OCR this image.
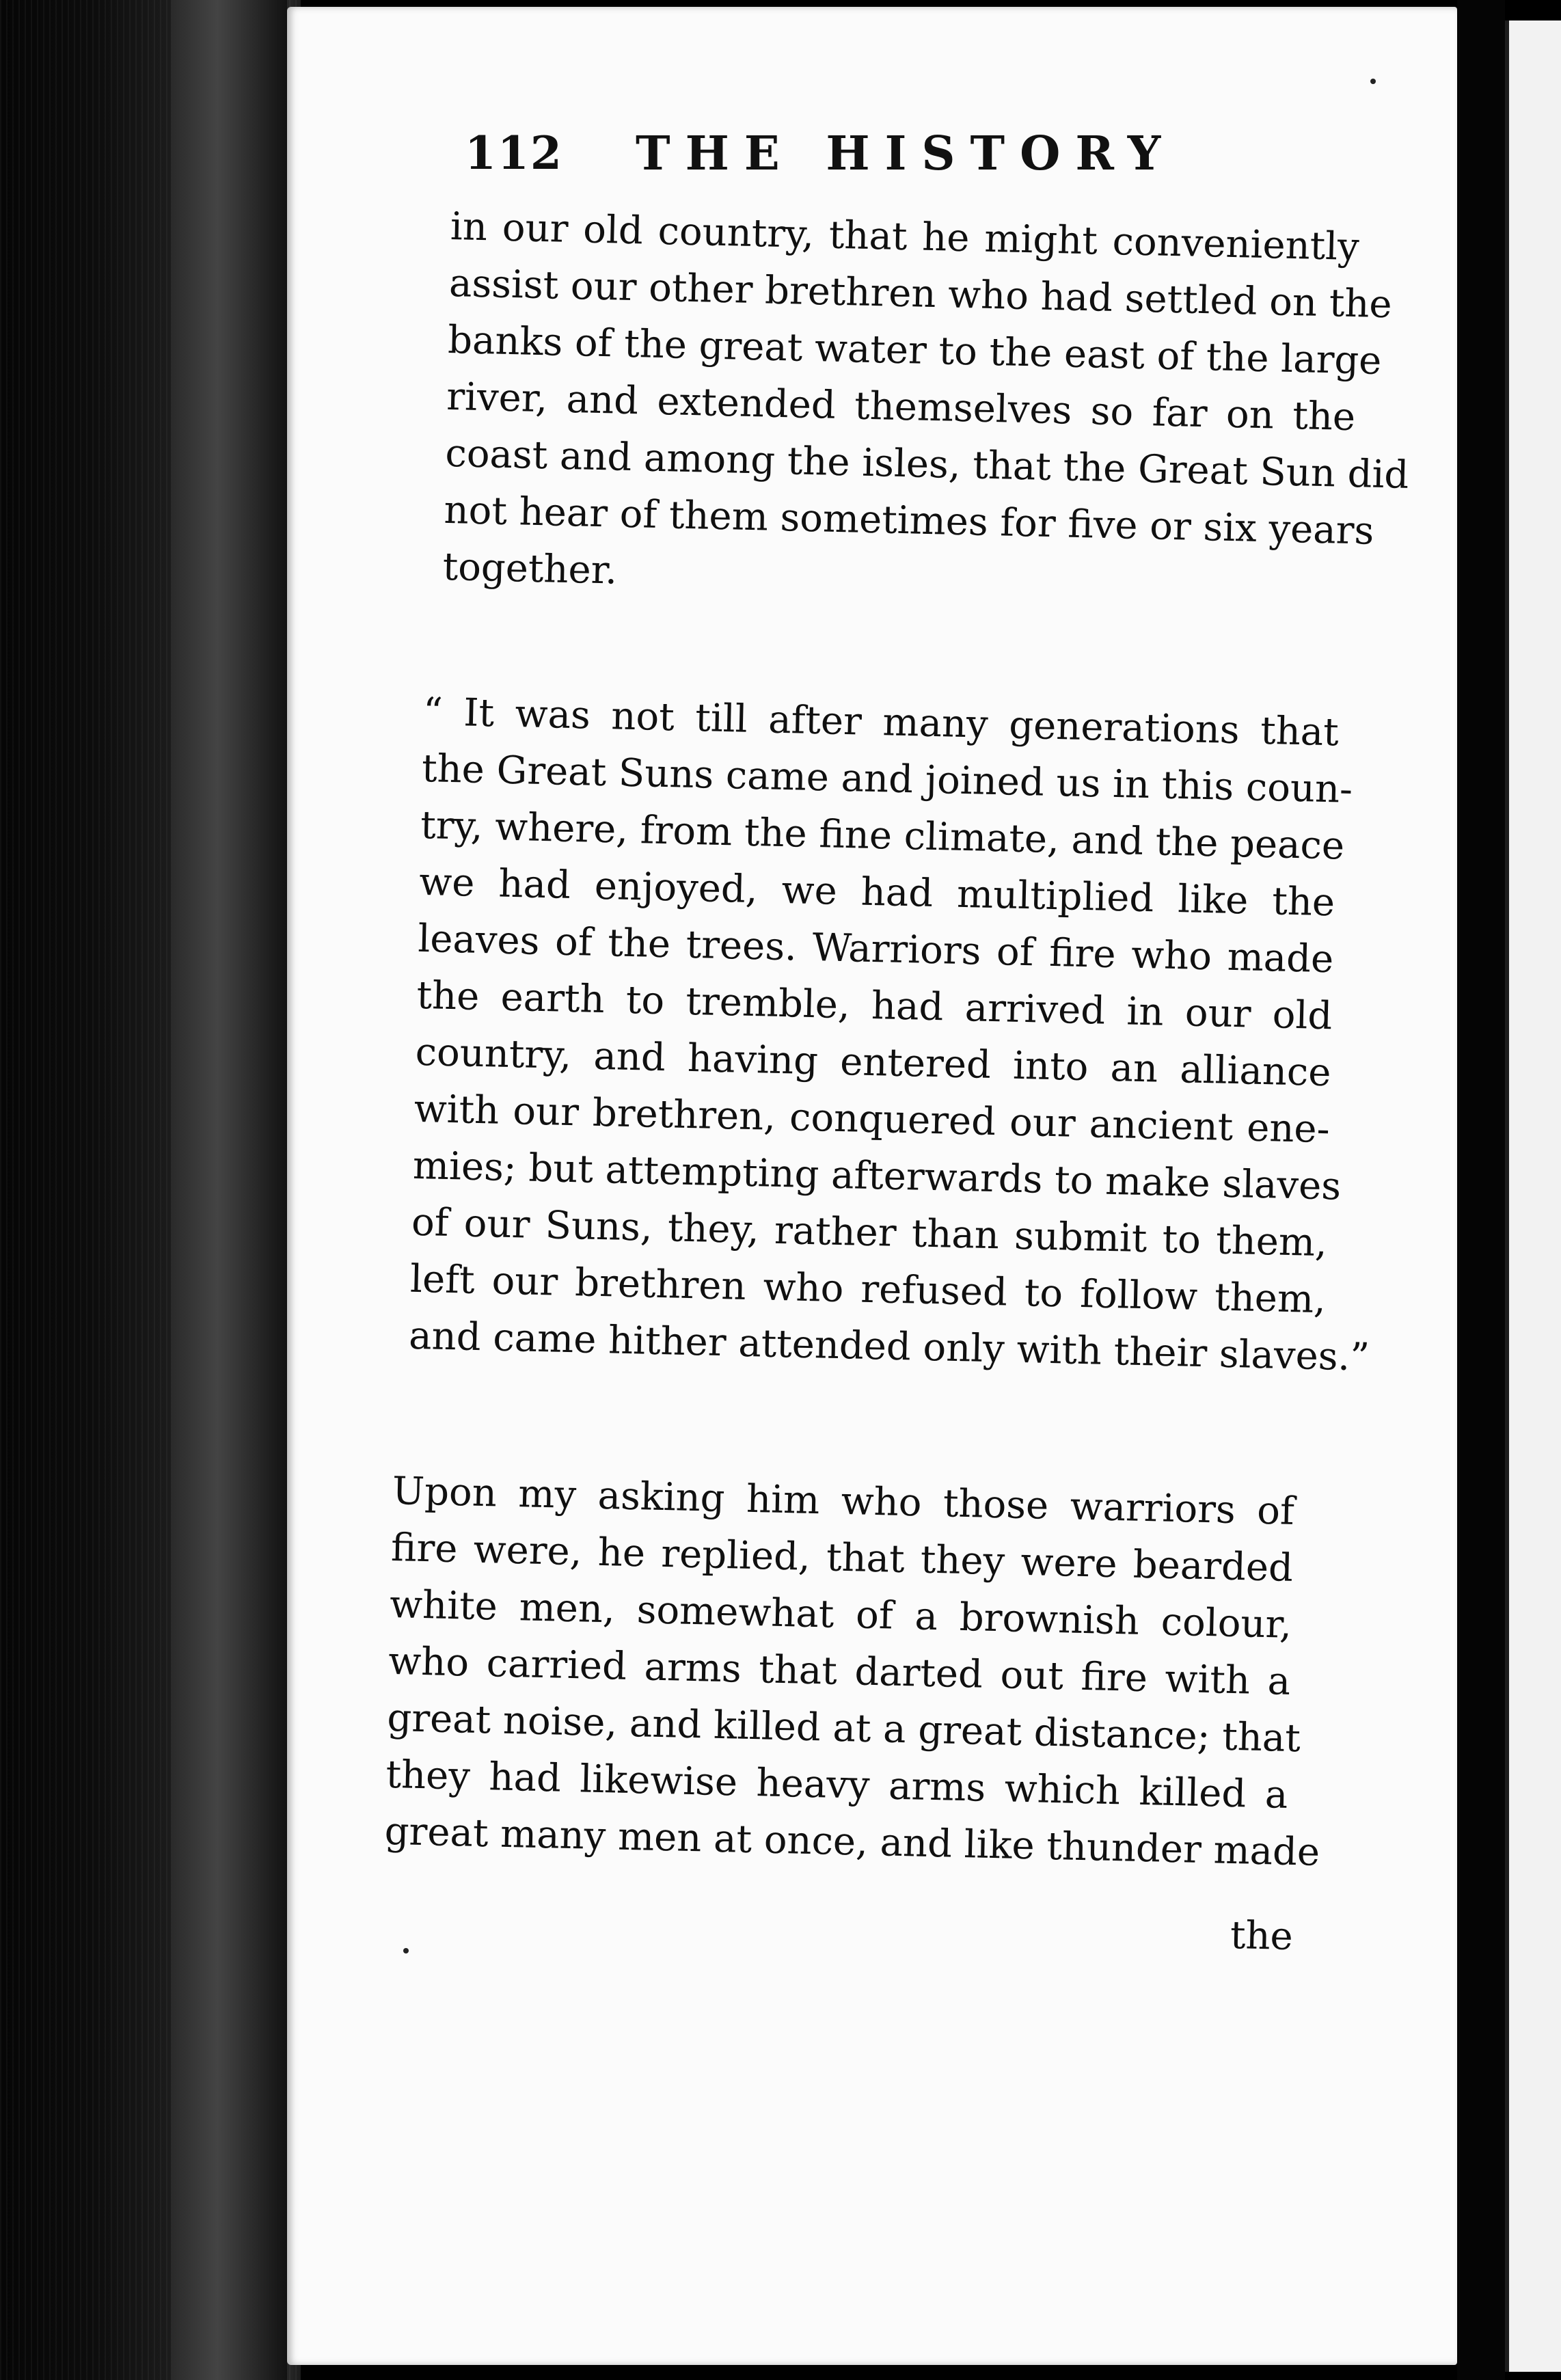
112 THE HISTORY
in our old country, that he might conveniently
assist our other brethren who had settled on the
banks of the great water to the east of the large
river, and extended themselves so far on the
coast and among the isles, that the Great Sun did
not hear of them sometimes for five or six years
together.
“ It was not till after many generations that
the Great Suns came and joined us in this coun-
try, where, from the fine climate, and the peace
we had enjoyed, we had multiplied like the
leaves of the trees. Warriors of fire who made
the earth to tremble, had arrived in our old
country, and having entered into an alliance
with our brethren, conquered our ancient ene-
mies; but attempting afterwards to make slaves
of our Suns, they, rather than submit to them,
left our brethren who refused to follow them,
and came hither attended only with their slaves.”
Upon my asking him who those warriors of
fire were, he replied, that they were bearded
white men, somewhat of a brownish colour,
who carried arms that darted out fire with a
great noise, and killed at a great distance; that
they had likewise heavy arms which killed a
great many men at once, and like thunder made
the
